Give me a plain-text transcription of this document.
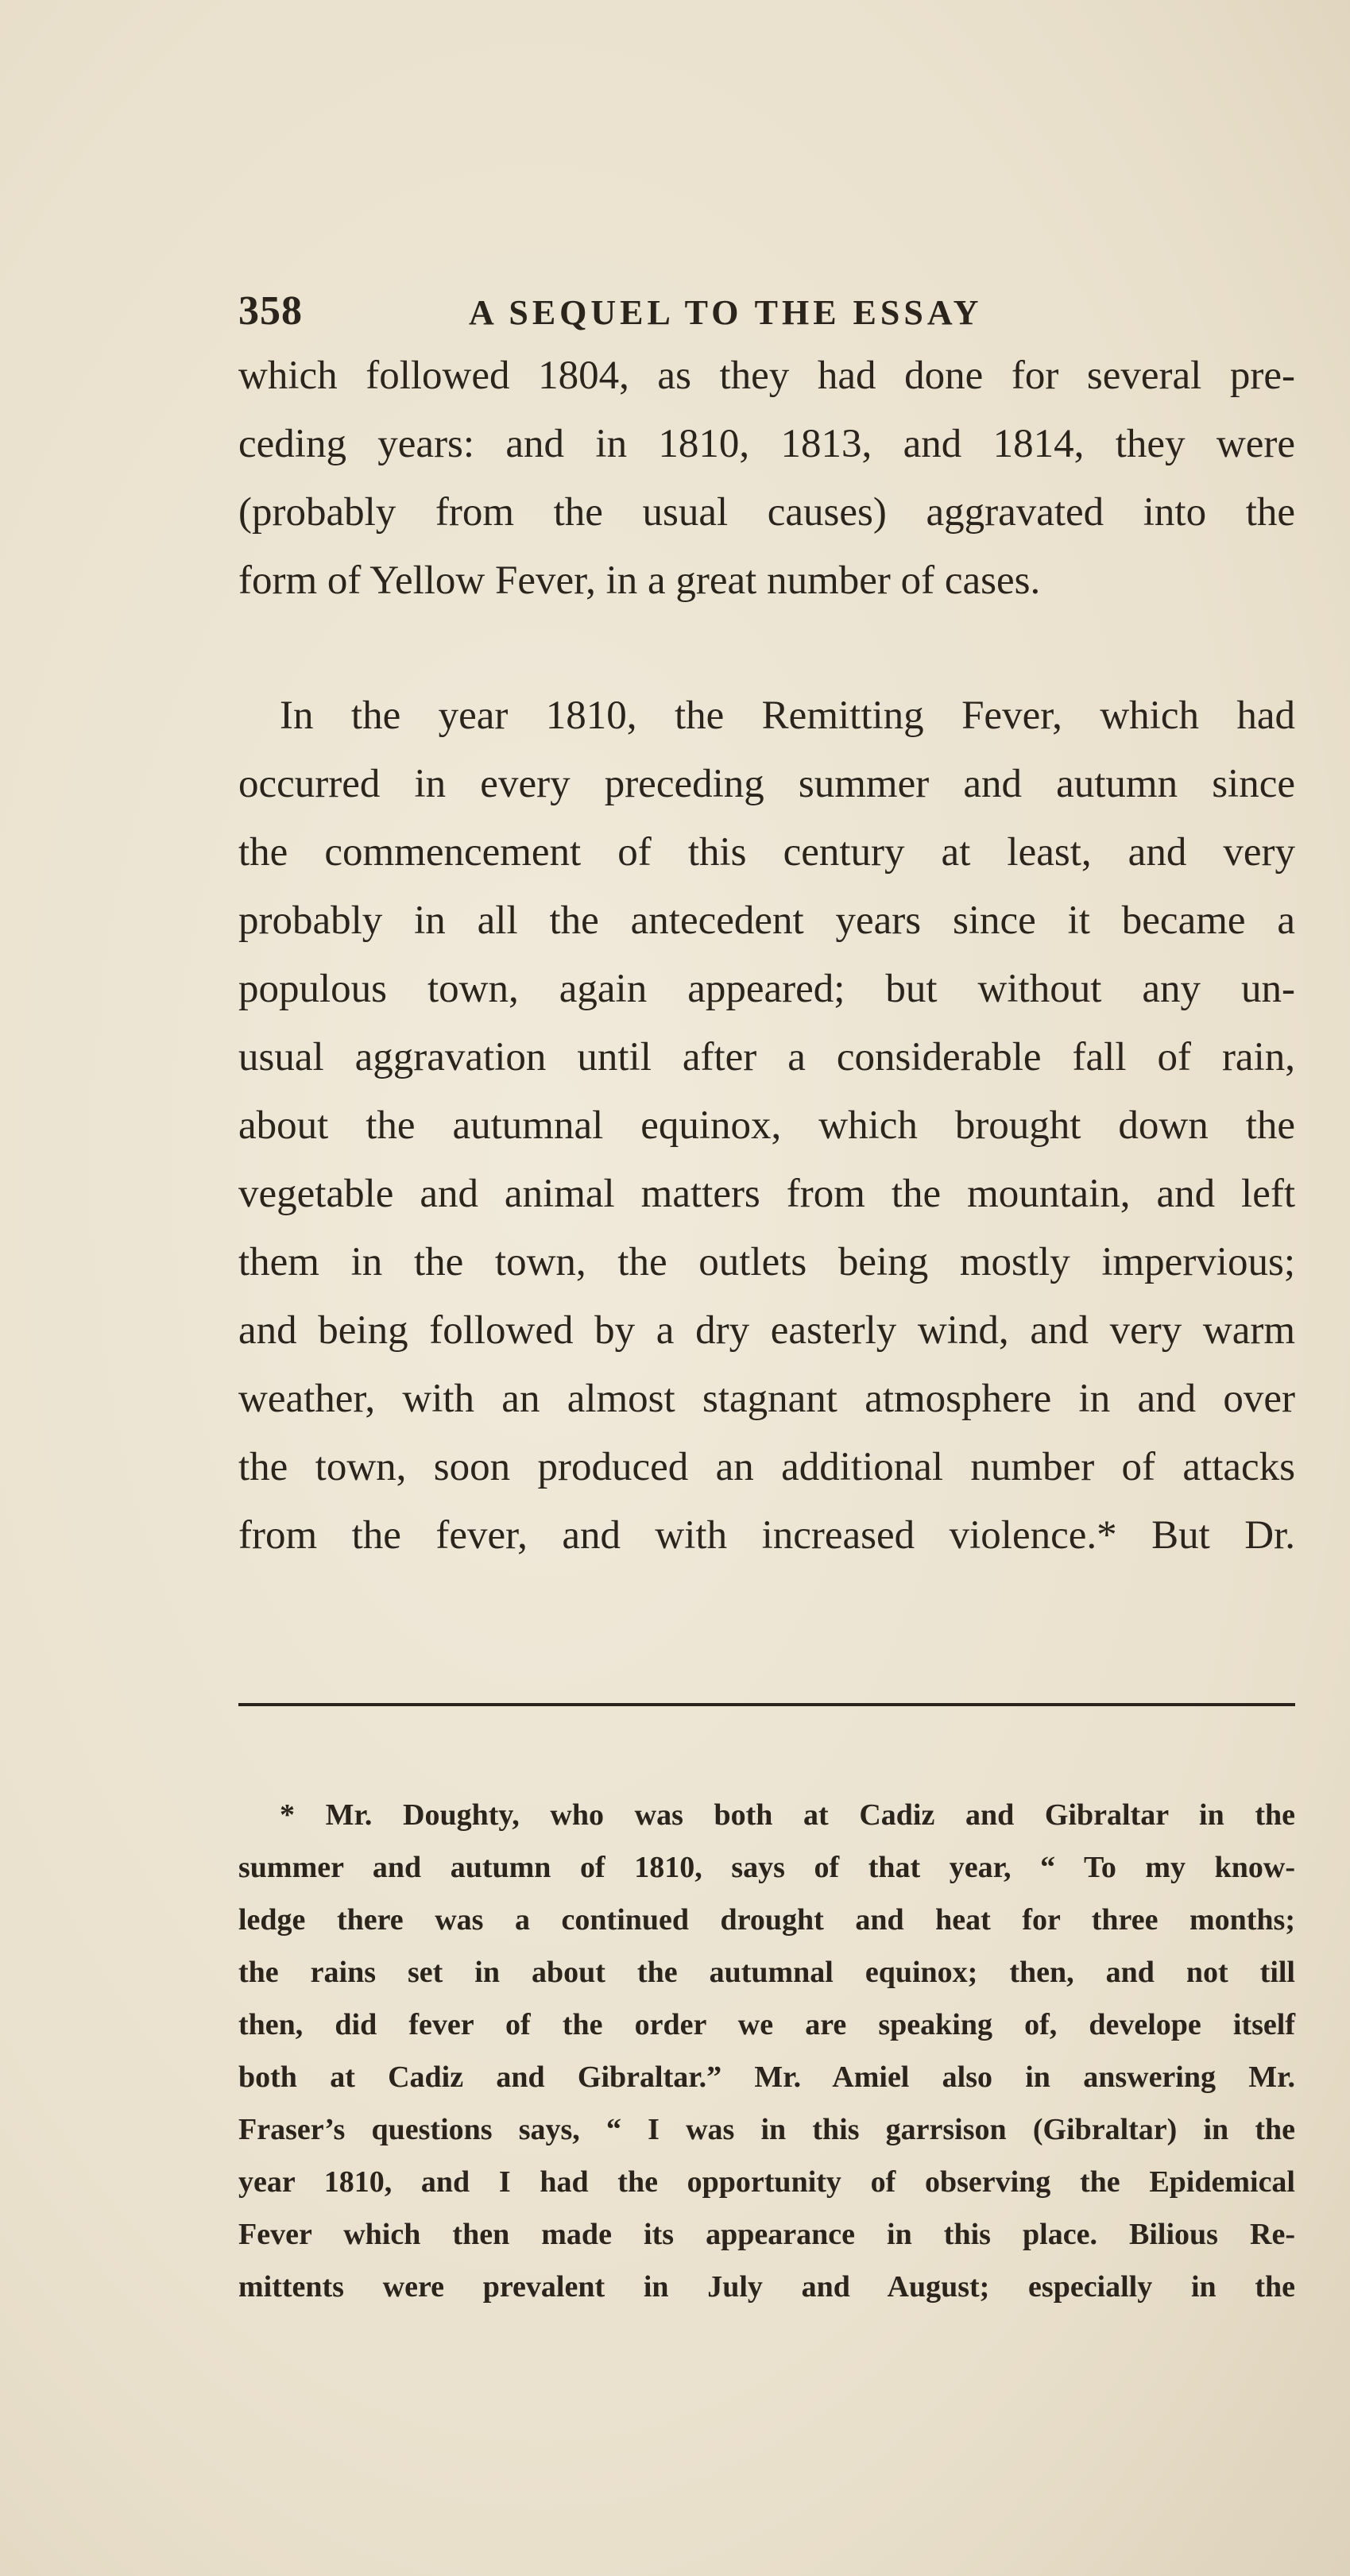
358	A SEQUEL TO THE ESSAY
which followed 1804, as they had done for several pre-
ceding years: and in 1810, 1813, and 1814, they were
(probably from the usual causes) aggravated into the
form of Yellow Fever, in a great number of cases.
In the year 1810, the Remitting Fever, which had
occurred in every preceding summer and autumn since
the commencement of this century at least, and very
probably in all the antecedent years since it became a
populous town, again appeared; but without any un-
usual aggravation until after a considerable fall of rain,
about the autumnal equinox, which brought down the
vegetable and animal matters from the mountain, and left
them in the town, the outlets being mostly impervious;
and being followed by a dry easterly wind, and very warm
weather, with an almost stagnant atmosphere in and over
the town, soon produced an additional number of attacks
from the fever, and with increased violence.* But Dr.
* Mr. Doughty, who was both at Cadiz and Gibraltar in the
summer and autumn of 1810, says of that year, “ To my know-
ledge there was a continued drought and heat for three months;
the rains set in about the autumnal equinox; then, and not till
then, did fever of the order we are speaking of, develope itself
both at Cadiz and Gibraltar.” Mr. Amiel also in answering Mr.
Fraser’s questions says, “ I was in this garrsison (Gibraltar) in the
year 1810, and I had the opportunity of observing the Epidemical
Fever which then made its appearance in this place. Bilious Re-
mittents were prevalent in July and August; especially in the
